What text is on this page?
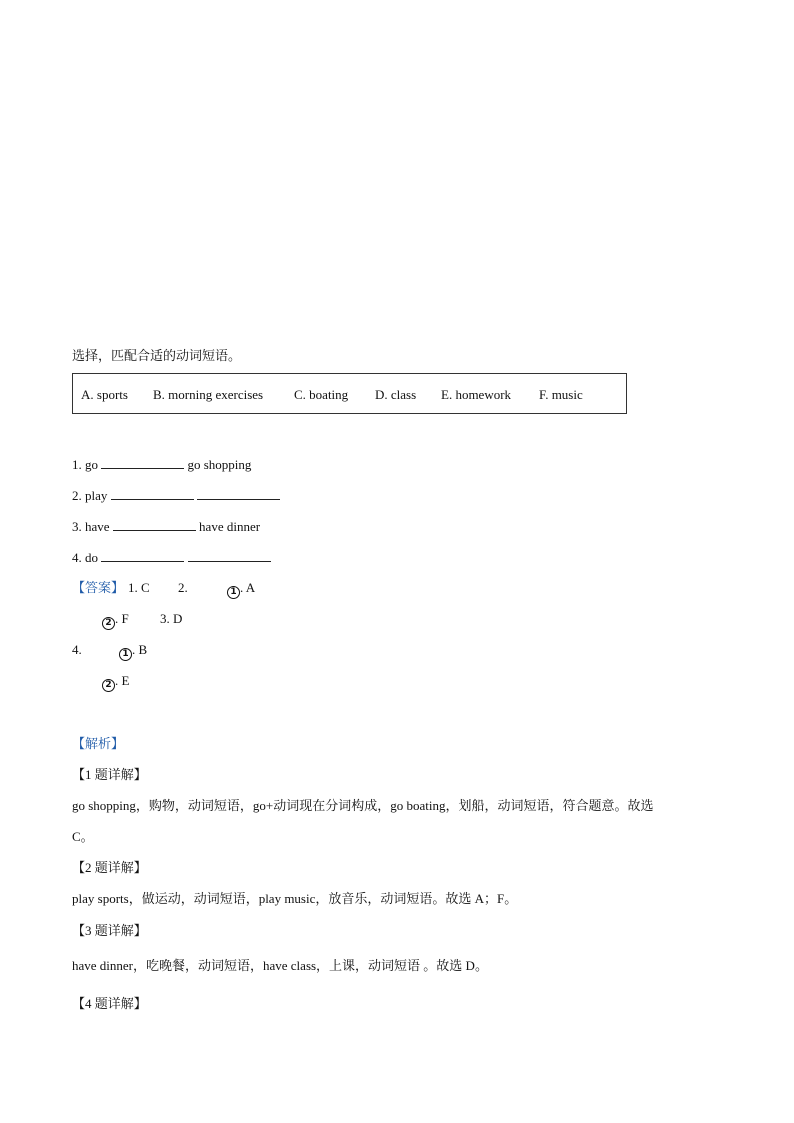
选择，匹配合适的动词短语。
A. sports B. morning exercises C. boating D. class E. homework F. music
1. go	go shopping
2. play
3. have	have dinner
4. do
【答案】 1. C 2.	1 . A
2 . F 3. D
4.	1 . B
2 . E
【解析】
【1 题详解】
go shopping，购物，动词短语，go+动词现在分词构成，go boating，划船，动词短语，符合题意。故选
C。
【2 题详解】
play sports，做运动，动词短语，play music，放音乐，动词短语。故选 A；F。
【3 题详解】
have dinner，吃晚餐，动词短语，have class，上课，动词短语 。故选 D。
【4 题详解】
